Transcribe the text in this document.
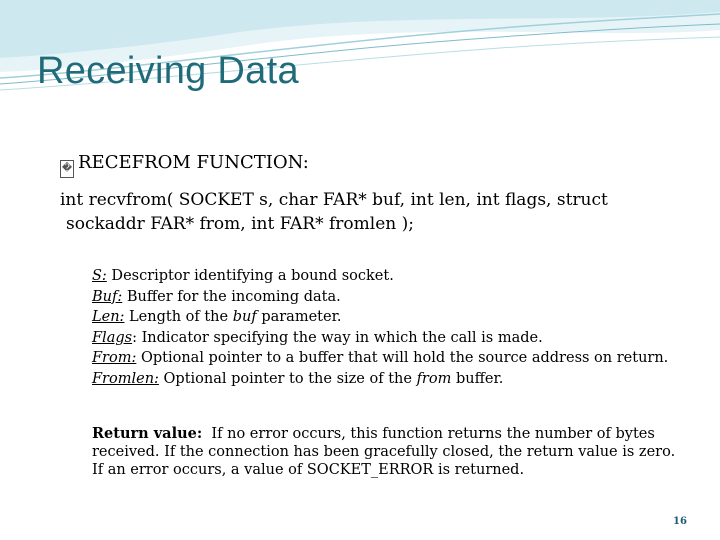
Receiving Data
� RECEFROM FUNCTION:
int recvfrom( SOCKET s, char FAR* buf, int len, int flags, struct
sockaddr FAR* from, int FAR* fromlen );
S: Descriptor identifying a bound socket.
Buf: Buffer for the incoming data.
Len: Length of the buf parameter.
Flags: Indicator specifying the way in which the call is made.
From: Optional pointer to a buffer that will hold the source address on return.
Fromlen: Optional pointer to the size of the from buffer.
Return value:  If no error occurs, this function returns the number of bytes
received. If the connection has been gracefully closed, the return value is zero.
If an error occurs, a value of SOCKET_ERROR is returned.
16
